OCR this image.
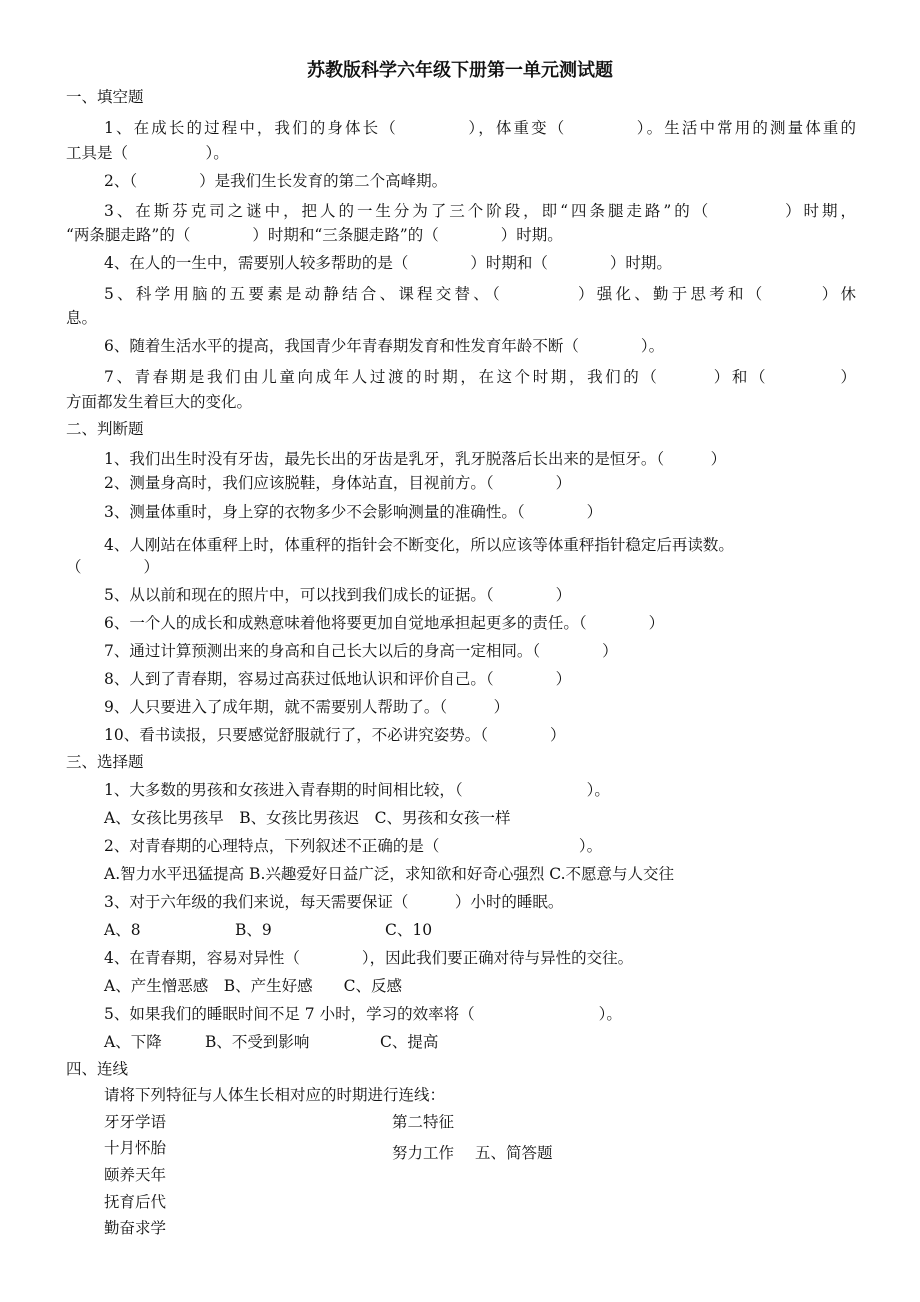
苏教版科学六年级下册第一单元测试题
一、填空题
1、在成长的过程中，我们的身体长（　　　　），体重变（　　　　）。生活中常用的测量体重的
工具是（　　　　　）。
2、（　　　　）是我们生长发育的第二个高峰期。
3、在斯芬克司之谜中，把人的一生分为了三个阶段，即“四条腿走路”的（　　　　）时期，
“两条腿走路”的（　　　　）时期和“三条腿走路”的（　　　　）时期。
4、在人的一生中，需要别人较多帮助的是（　　　　）时期和（　　　　）时期。
5、科学用脑的五要素是动静结合、课程交替、（　　　　）强化、勤于思考和（　　　）休
息。
6、随着生活水平的提高，我国青少年青春期发育和性发育年龄不断（　　　　）。
7、青春期是我们由儿童向成年人过渡的时期，在这个时期，我们的（　　　）和（　　　　）
方面都发生着巨大的变化。
二、判断题
1、我们出生时没有牙齿，最先长出的牙齿是乳牙，乳牙脱落后长出来的是恒牙。（　　　）
2、测量身高时，我们应该脱鞋，身体站直，目视前方。（　　　　）
3、测量体重时，身上穿的衣物多少不会影响测量的准确性。（　　　　）
4、人刚站在体重秤上时，体重秤的指针会不断变化，所以应该等体重秤指针稳定后再读数。
（　　　　）
5、从以前和现在的照片中，可以找到我们成长的证据。（　　　　）
6、一个人的成长和成熟意味着他将要更加自觉地承担起更多的责任。（　　　　）
7、通过计算预测出来的身高和自己长大以后的身高一定相同。（　　　　）
8、人到了青春期，容易过高获过低地认识和评价自己。（　　　　）
9、人只要进入了成年期，就不需要别人帮助了。（　　　）
10、看书读报，只要感觉舒服就行了，不必讲究姿势。（　　　　）
三、选择题
1、大多数的男孩和女孩进入青春期的时间相比较，（　　　　　　　　）。
A、女孩比男孩早　B、女孩比男孩迟　C、男孩和女孩一样
2、对青春期的心理特点，下列叙述不正确的是（　　　　　　　　　）。
A.智力水平迅猛提高 B.兴趣爱好日益广泛，求知欲和好奇心强烈 C.不愿意与人交往
3、对于六年级的我们来说，每天需要保证（　　　）小时的睡眠。
A、8	B、9	C、10
4、在青春期，容易对异性（　　　　），因此我们要正确对待与异性的交往。
A、产生憎恶感　B、产生好感　　C、反感
5、如果我们的睡眠时间不足 7 小时，学习的效率将（　　　　　　　　）。
A、下降	B、不受到影响	C、提高
四、连线
请将下列特征与人体生长相对应的时期进行连线：
牙牙学语	第二特征
十月怀胎	努力工作 五、简答题
颐养天年
抚育后代
勤奋求学
